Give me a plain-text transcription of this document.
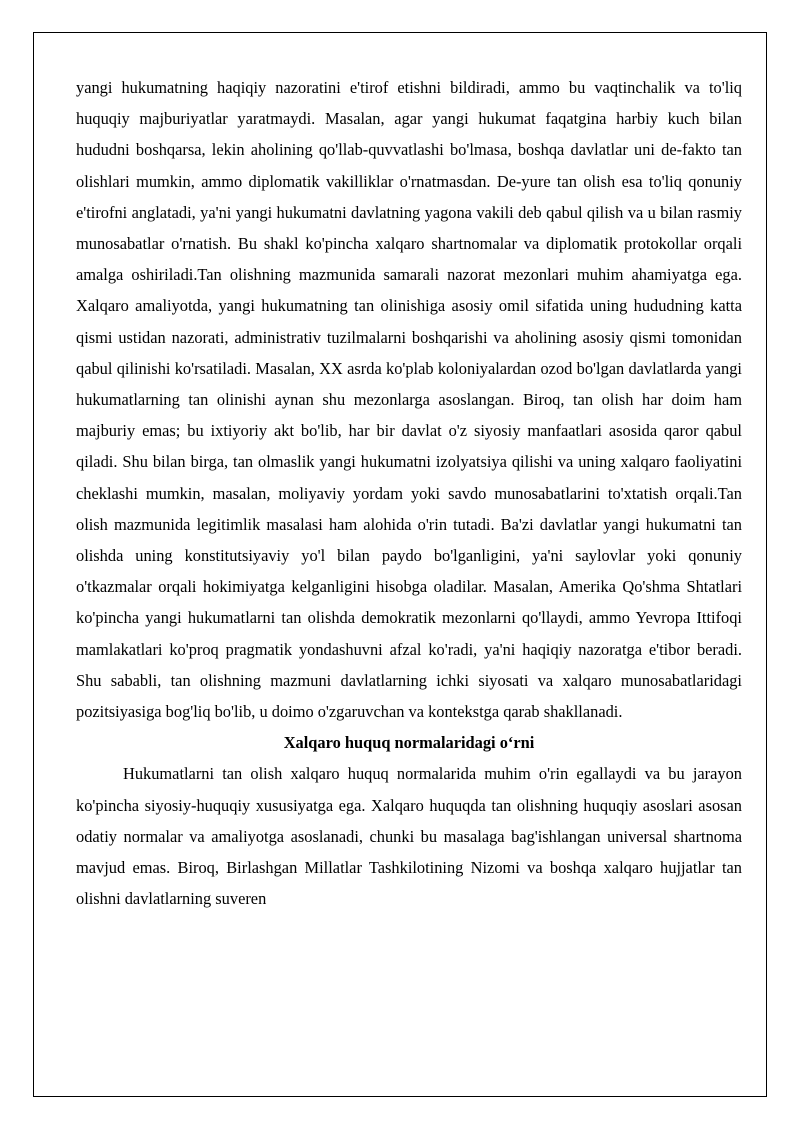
yangi hukumatning haqiqiy nazoratini e'tirof etishni bildiradi, ammo bu vaqtinchalik va to'liq huquqiy majburiyatlar yaratmaydi. Masalan, agar yangi hukumat faqatgina harbiy kuch bilan hududni boshqarsa, lekin aholining qo'llab-quvvatlashi bo'lmasa, boshqa davlatlar uni de-fakto tan olishlari mumkin, ammo diplomatik vakilliklar o'rnatmasdan. De-yure tan olish esa to'liq qonuniy e'tirofni anglatadi, ya'ni yangi hukumatni davlatning yagona vakili deb qabul qilish va u bilan rasmiy munosabatlar o'rnatish. Bu shakl ko'pincha xalqaro shartnomalar va diplomatik protokollar orqali amalga oshiriladi.Tan olishning mazmunida samarali nazorat mezonlari muhim ahamiyatga ega. Xalqaro amaliyotda, yangi hukumatning tan olinishiga asosiy omil sifatida uning hududning katta qismi ustidan nazorati, administrativ tuzilmalarni boshqarishi va aholining asosiy qismi tomonidan qabul qilinishi ko'rsatiladi. Masalan, XX asrda ko'plab koloniyalardan ozod bo'lgan davlatlarda yangi hukumatlarning tan olinishi aynan shu mezonlarga asoslangan. Biroq, tan olish har doim ham majburiy emas; bu ixtiyoriy akt bo'lib, har bir davlat o'z siyosiy manfaatlari asosida qaror qabul qiladi. Shu bilan birga, tan olmaslik yangi hukumatni izolyatsiya qilishi va uning xalqaro faoliyatini cheklashi mumkin, masalan, moliyaviy yordam yoki savdo munosabatlarini to'xtatish orqali.Tan olish mazmunida legitimlik masalasi ham alohida o'rin tutadi. Ba'zi davlatlar yangi hukumatni tan olishda uning konstitutsiyaviy yo'l bilan paydo bo'lganligini, ya'ni saylovlar yoki qonuniy o'tkazmalar orqali hokimiyatga kelganligini hisobga oladilar. Masalan, Amerika Qo'shma Shtatlari ko'pincha yangi hukumatlarni tan olishda demokratik mezonlarni qo'llaydi, ammo Yevropa Ittifoqi mamlakatlari ko'proq pragmatik yondashuvni afzal ko'radi, ya'ni haqiqiy nazoratga e'tibor beradi. Shu sababli, tan olishning mazmuni davlatlarning ichki siyosati va xalqaro munosabatlaridagi pozitsiyasiga bog'liq bo'lib, u doimo o'zgaruvchan va kontekstga qarab shakllanadi.

Xalqaro huquq normalaridagi o‘rni

Hukumatlarni tan olish xalqaro huquq normalarida muhim o'rin egallaydi va bu jarayon ko'pincha siyosiy-huquqiy xususiyatga ega. Xalqaro huquqda tan olishning huquqiy asoslari asosan odatiy normalar va amaliyotga asoslanadi, chunki bu masalaga bag'ishlangan universal shartnoma mavjud emas. Biroq, Birlashgan Millatlar Tashkilotining Nizomi va boshqa xalqaro hujjatlar tan olishni davlatlarning suveren
